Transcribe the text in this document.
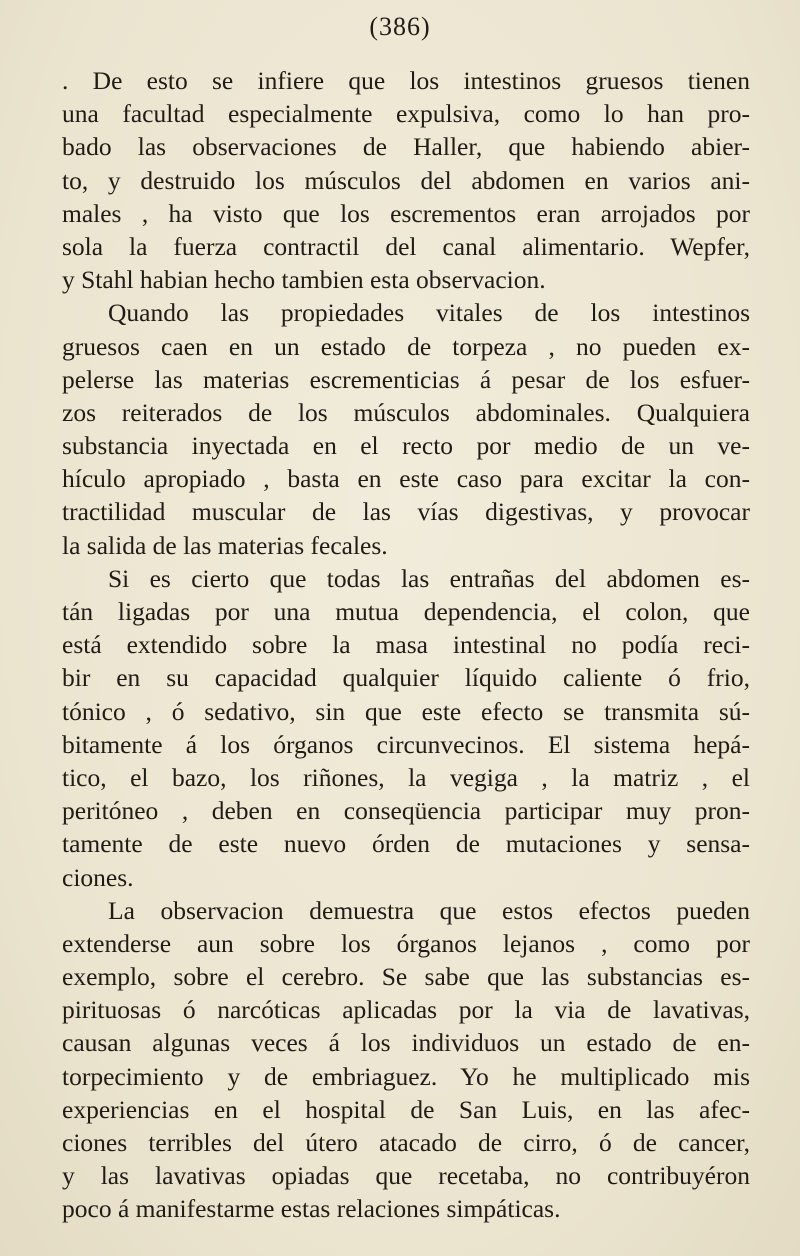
(386)
. De esto se infiere que los intestinos gruesos tienen
una facultad especialmente expulsiva, como lo han pro-
bado las observaciones de Haller, que habiendo abier-
to, y destruido los músculos del abdomen en varios ani-
males , ha visto que los escrementos eran arrojados por
sola la fuerza contractil del canal alimentario. Wepfer,
y Stahl habian hecho tambien esta observacion.
Quando las propiedades vitales de los intestinos
gruesos caen en un estado de torpeza , no pueden ex-
pelerse las materias escrementicias á pesar de los esfuer-
zos reiterados de los músculos abdominales. Qualquiera
substancia inyectada en el recto por medio de un ve-
hículo apropiado , basta en este caso para excitar la con-
tractilidad muscular de las vías digestivas, y provocar
la salida de las materias fecales.
Si es cierto que todas las entrañas del abdomen es-
tán ligadas por una mutua dependencia, el colon, que
está extendido sobre la masa intestinal no podía reci-
bir en su capacidad qualquier líquido caliente ó frio,
tónico , ó sedativo, sin que este efecto se transmita sú-
bitamente á los órganos circunvecinos. El sistema hepá-
tico, el bazo, los riñones, la vegiga , la matriz , el
peritóneo , deben en conseqüencia participar muy pron-
tamente de este nuevo órden de mutaciones y sensa-
ciones.
La observacion demuestra que estos efectos pueden
extenderse aun sobre los órganos lejanos , como por
exemplo, sobre el cerebro. Se sabe que las substancias es-
pirituosas ó narcóticas aplicadas por la via de lavativas,
causan algunas veces á los individuos un estado de en-
torpecimiento y de embriaguez. Yo he multiplicado mis
experiencias en el hospital de San Luis, en las afec-
ciones terribles del útero atacado de cirro, ó de cancer,
y las lavativas opiadas que recetaba, no contribuyéron
poco á manifestarme estas relaciones simpáticas.
